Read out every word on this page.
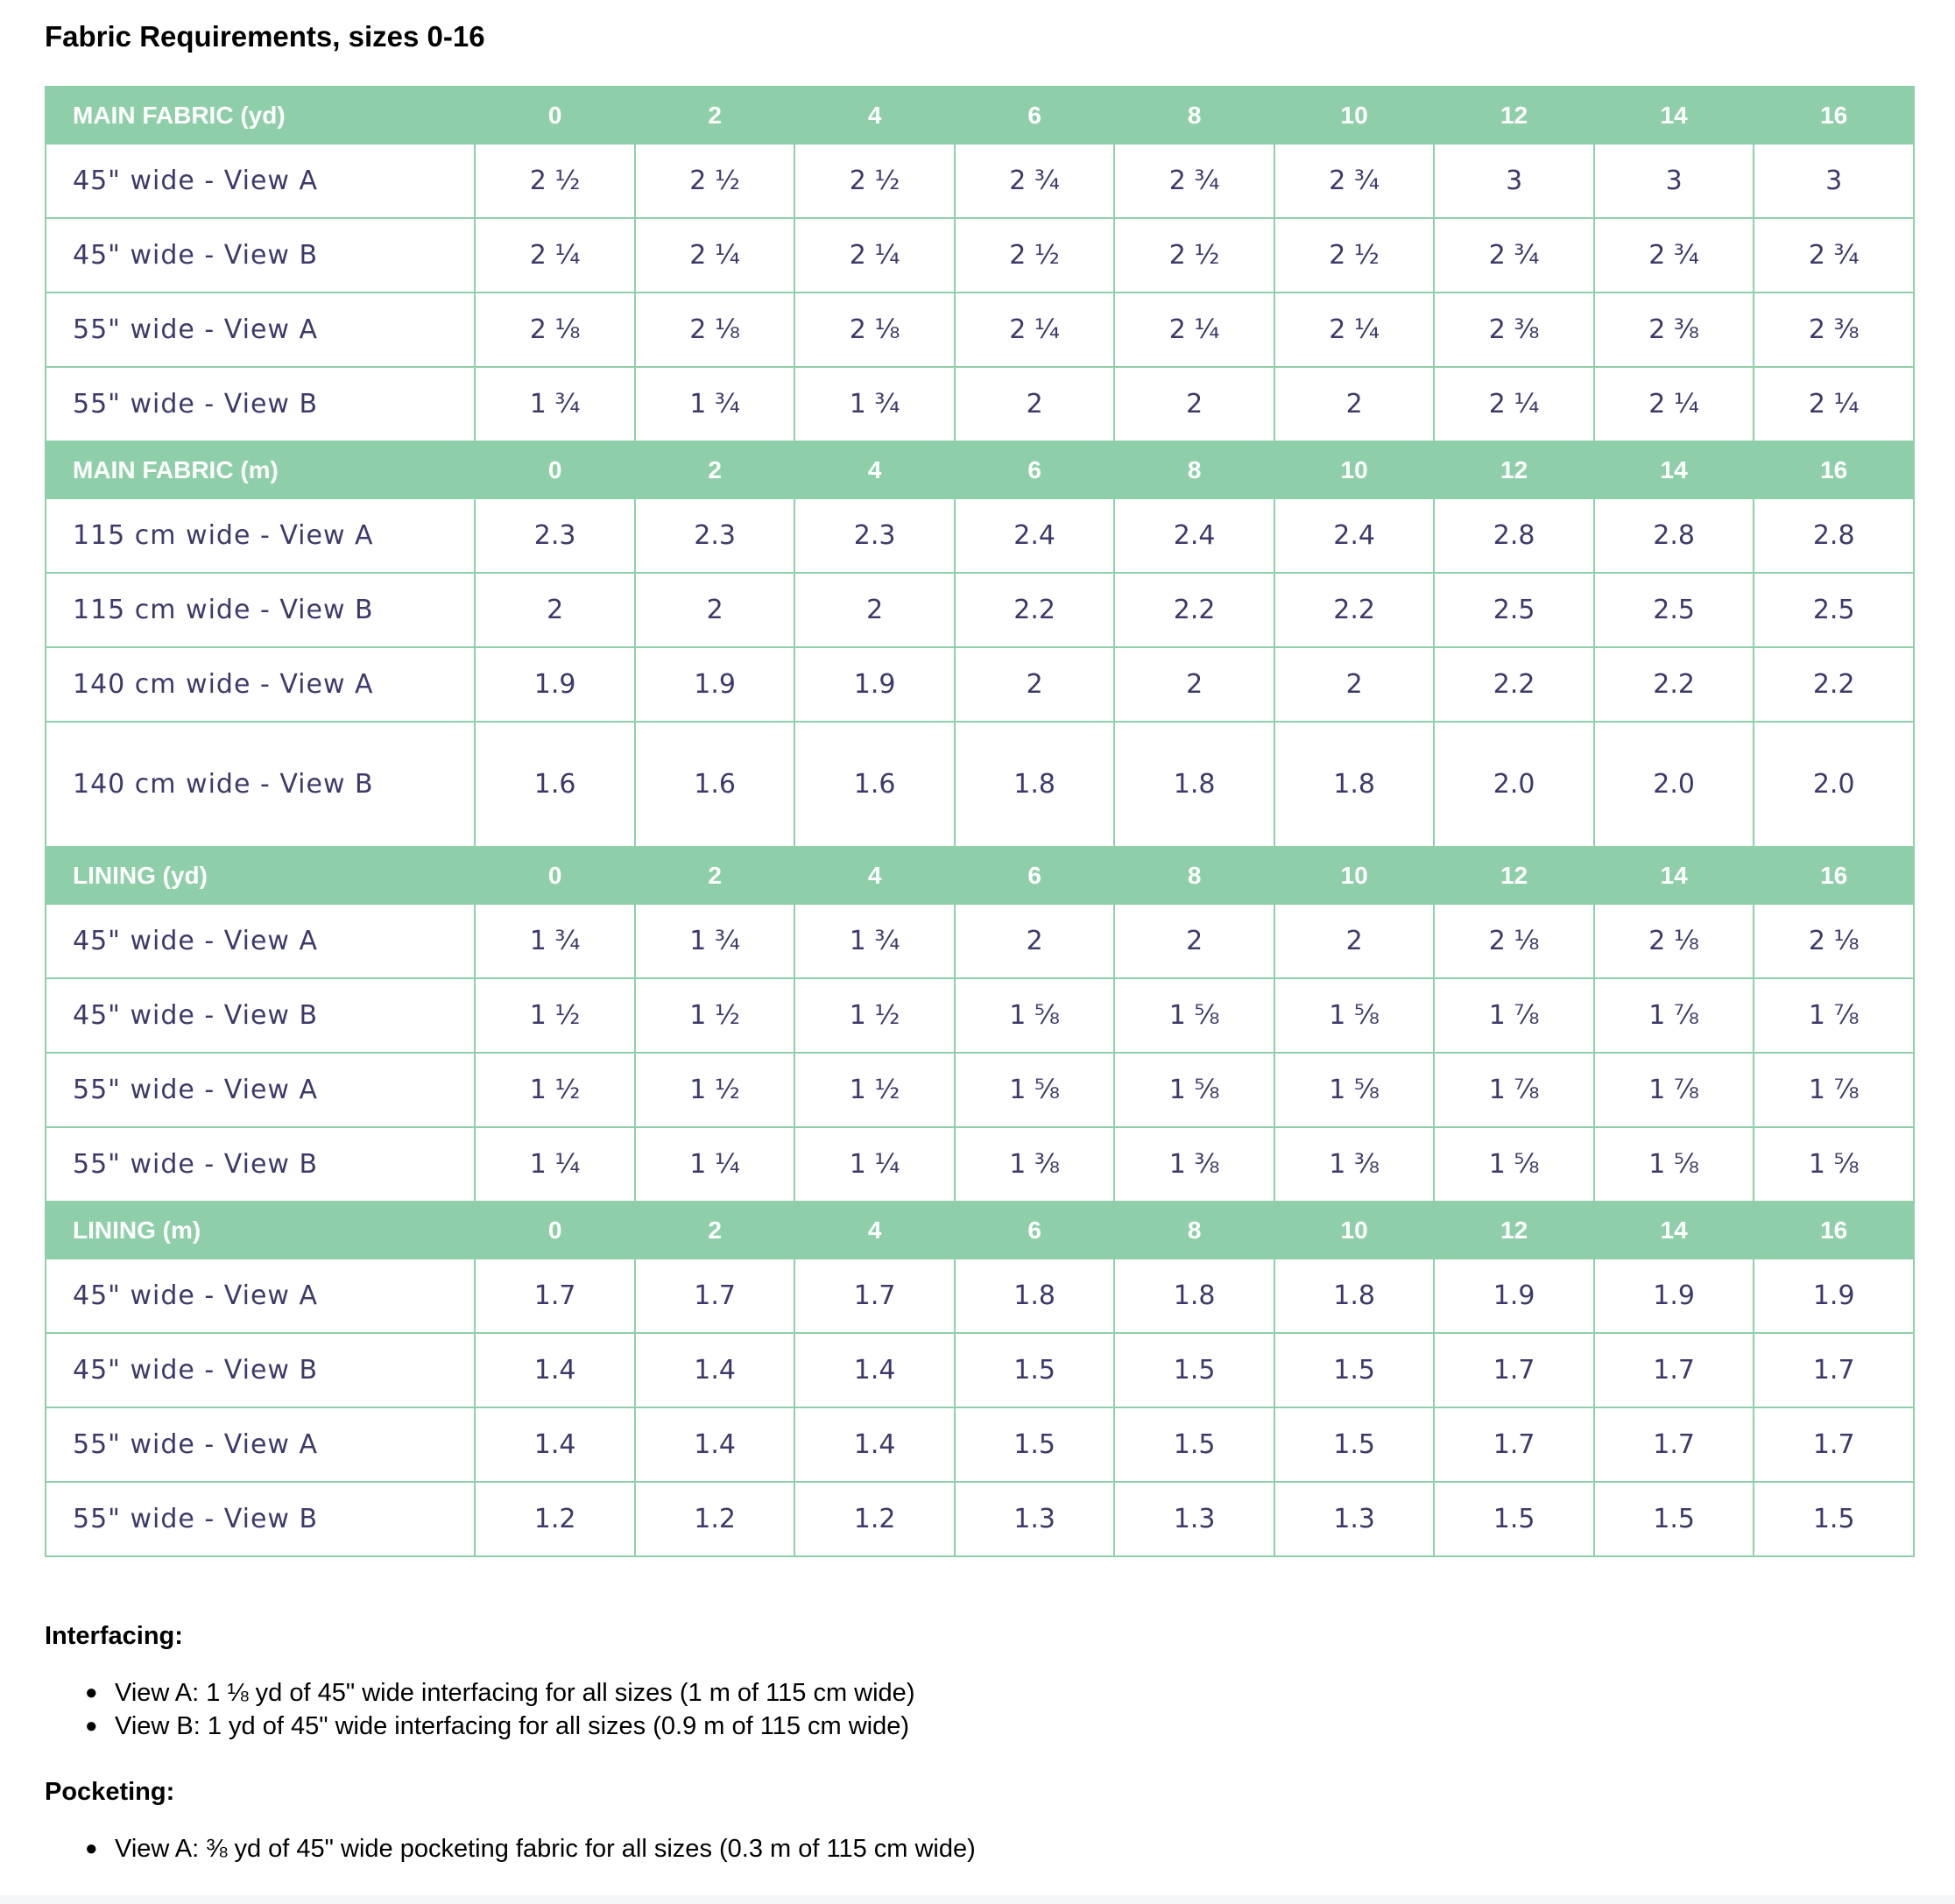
Fabric Requirements, sizes 0-16
MAIN FABRIC (yd)	0	2	4	6	8	10	12	14	16
45" wide - View A	2 ½	2 ½	2 ½	2 ¾	2 ¾	2 ¾	3	3	3
45" wide - View B	2 ¼	2 ¼	2 ¼	2 ½	2 ½	2 ½	2 ¾	2 ¾	2 ¾
55" wide - View A	2 ⅛	2 ⅛	2 ⅛	2 ¼	2 ¼	2 ¼	2 ⅜	2 ⅜	2 ⅜
55" wide - View B	1 ¾	1 ¾	1 ¾	2	2	2	2 ¼	2 ¼	2 ¼
MAIN FABRIC (m)	0	2	4	6	8	10	12	14	16
115 cm wide - View A	2.3	2.3	2.3	2.4	2.4	2.4	2.8	2.8	2.8
115 cm wide - View B	2	2	2	2.2	2.2	2.2	2.5	2.5	2.5
140 cm wide - View A	1.9	1.9	1.9	2	2	2	2.2	2.2	2.2
140 cm wide - View B	1.6	1.6	1.6	1.8	1.8	1.8	2.0	2.0	2.0
LINING (yd)	0	2	4	6	8	10	12	14	16
45" wide - View A	1 ¾	1 ¾	1 ¾	2	2	2	2 ⅛	2 ⅛	2 ⅛
45" wide - View B	1 ½	1 ½	1 ½	1 ⅝	1 ⅝	1 ⅝	1 ⅞	1 ⅞	1 ⅞
55" wide - View A	1 ½	1 ½	1 ½	1 ⅝	1 ⅝	1 ⅝	1 ⅞	1 ⅞	1 ⅞
55" wide - View B	1 ¼	1 ¼	1 ¼	1 ⅜	1 ⅜	1 ⅜	1 ⅝	1 ⅝	1 ⅝
LINING (m)	0	2	4	6	8	10	12	14	16
45" wide - View A	1.7	1.7	1.7	1.8	1.8	1.8	1.9	1.9	1.9
45" wide - View B	1.4	1.4	1.4	1.5	1.5	1.5	1.7	1.7	1.7
55" wide - View A	1.4	1.4	1.4	1.5	1.5	1.5	1.7	1.7	1.7
55" wide - View B	1.2	1.2	1.2	1.3	1.3	1.3	1.5	1.5	1.5
Interfacing:
● View A: 1 ⅛ yd of 45" wide interfacing for all sizes (1 m of 115 cm wide)
● View B: 1 yd of 45" wide interfacing for all sizes (0.9 m of 115 cm wide)
Pocketing:
● View A: ⅜ yd of 45" wide pocketing fabric for all sizes (0.3 m of 115 cm wide)
